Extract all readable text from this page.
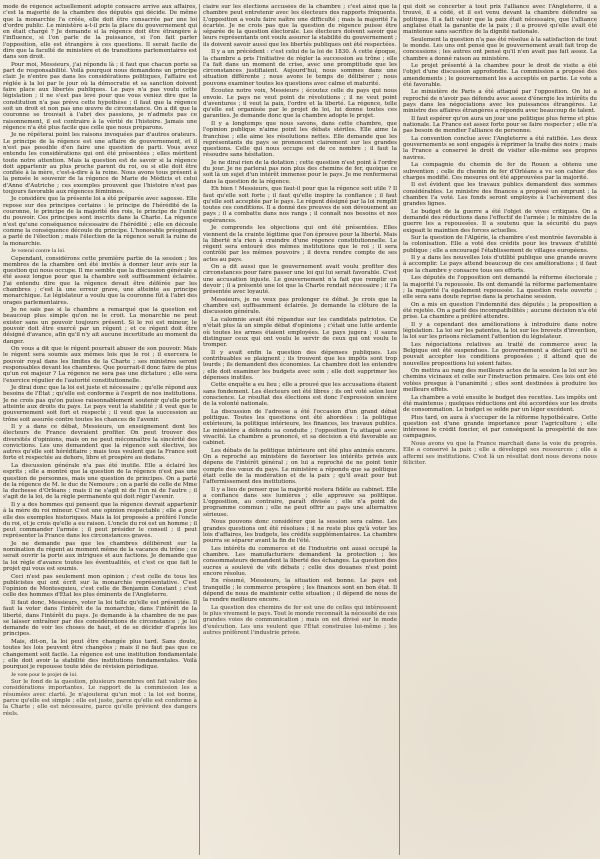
mode de régence actuellement adopté consacre arrive aux affaires, c'est la majorité de la chambre des députés qui décide. De même que la monarchie l'a créée, elle doit être consacrée par une loi d'ordre public. Le ministère a-t-il pris la place du gouvernement qui en était chargé ? Je demande si la régence doit être étrangère à l'influence, si l'on parle de la puissance, si l'on fait parler l'opposition, elle est étrangère à ces questions. Il serait facile de dire que la faculté de ministère et de transitions parlementaires est dans son droit.

Pour moi, Messieurs, j'ai répondu là ; il faut que chacun porte sa part de responsabilité. Voilà pourquoi nous demandons un principe clair. Je n'entre pas dans les considérations politiques, l'affaire est réglée à la loi par le jour où la démocratie et sa sanction doivent faire place aux libertés publiques. Le pays n'a pas voulu cette législation ; il ne s'est pas levé pour que vous veniez dire que la constitution n'a pas prévu cette hypothèse ; il faut que la régence soit un droit et non pas une œuvre de circonstance. On a dit que la couronne se trouvait à l'abri des passions, je n'admets pas ce raisonnement, il est contraire à la vérité de l'histoire. Jamais une régence n'a été plus facile que celle que nous préparons.

Je ne répéterai point les raisons invoquées par d'autres orateurs. Le principe de la régence est une affaire de gouvernement, et il n'est pas possible d'en faire une question de parti. Vous avez entendu les considérations qui ont été présentées ; elles méritent toute notre attention. Mais la question est de savoir si la régence doit appartenir au plus proche parent du roi, ou si elle doit être confiée à la mère, c'est-à-dire à la reine. Nous avons tous présent à la pensée le souvenir de la régence de Marie de Médicis et celui d'Anne d'Autriche ; ces exemples prouvent que l'histoire n'est pas toujours favorable aux régences féminines.

Je considère que la présente loi a été préparée avec sagesse. Elle repose sur des principes certains : le principe de l'hérédité de la couronne, le principe de la majorité des rois, le principe de l'unité du pouvoir. Ces principes sont inscrits dans la Charte. La régence n'est qu'une conséquence nécessaire de l'hérédité ; elle en découle comme la conséquence découle du principe. L'honorable préopinant a parlé de l'élection ; mais l'élection de la régence serait la ruine de la monarchie.

Je voterai contre la loi.

Cependant, considérons cette première partie de la session ; les membres de la chambre ont été invités à donner leur avis sur la question qui nous occupe. Il me semble que la discussion générale a été assez longue pour que la chambre soit suffisamment éclairée. J'ai entendu dire que la régence devait être déférée par les chambres ; c'est là une erreur grave, une atteinte au principe monarchique. Le législateur a voulu que la couronne fût à l'abri des orages parlementaires.

Je ne sais pas si la chambre a remarqué que la question est beaucoup plus simple qu'on ne le croit. La monarchie ne peut exister sans un pouvoir toujours présent. Si le roi est mineur, le pouvoir doit être exercé par un régent ; et ce régent doit être désigné d'avance, afin qu'il n'y ait aucune incertitude au moment du danger.

On vous a dit que le régent pourrait abuser de son pouvoir. Mais le régent sera soumis aux mêmes lois que le roi ; il exercera le pouvoir royal dans les limites de la Charte ; ses ministres seront responsables devant les chambres. Que pourrait-il donc faire de plus qu'un roi majeur ? La régence ne sera pas une dictature ; elle sera l'exercice régulier de l'autorité constitutionnelle.

Je dirai donc que la loi est juste et nécessaire ; qu'elle répond aux besoins de l'État ; qu'elle est conforme à l'esprit de nos institutions. Je ne crois pas qu'on puisse raisonnablement soutenir qu'elle porte atteinte aux droits du pays. Le pays veut la stabilité ; il veut que le gouvernement soit fort et respecté ; il veut que la succession au trône soit assurée contre toutes les chances de l'avenir.

Il y a dans ce débat, Messieurs, un enseignement dont les électeurs de France devraient profiter. On peut trouver des diversités d'opinions, mais on ne peut méconnaître la sincérité des convictions. Les uns demandent que la régence soit élective, les autres qu'elle soit héréditaire ; mais tous veulent que la France soit forte et respectée au dehors, libre et prospère au dedans.

La discussion générale n'a pas été inutile. Elle a éclairé les esprits ; elle a montré que la question de la régence n'est pas une question de personnes, mais une question de principes. On a parlé de la régence de M. le duc de Nemours ; on a parlé de celle de Mme la duchesse d'Orléans ; mais il ne s'agit ni de l'un ni de l'autre ; il s'agit de la loi, de la règle permanente qui doit régir l'avenir.

Il y a des hommes qui pensent que la régence devrait appartenir à la mère du roi mineur. C'est une opinion respectable ; elle a pour elle des exemples historiques. Mais la loi proposée a préféré l'oncle du roi, et je crois qu'elle a eu raison. L'oncle du roi est un homme ; il peut commander l'armée ; il peut présider le conseil ; il peut représenter la France dans les circonstances graves.

Je ne demande pas que les chambres délibèrent sur la nomination du régent au moment même de la vacance du trône ; ce serait ouvrir la porte aux intrigues et aux factions. Je demande que la loi règle d'avance toutes les éventualités, et c'est ce que fait le projet qui vous est soumis.

Ceci n'est pas seulement mon opinion ; c'est celle de tous les publicistes qui ont écrit sur la monarchie représentative. C'est l'opinion de Montesquieu, c'est celle de Benjamin Constant ; c'est celle des hommes d'État les plus éminents de l'Angleterre.

Il faut donc, Messieurs, voter la loi telle qu'elle est présentée. Il faut la voter dans l'intérêt de la monarchie, dans l'intérêt de la liberté, dans l'intérêt du pays. Je demande à la chambre de ne pas se laisser entraîner par des considérations de circonstance ; je lui demande de voir les choses de haut, et de se décider d'après les principes.

Mais, dit-on, la loi peut être changée plus tard. Sans doute, toutes les lois peuvent être changées ; mais il ne faut pas que ce changement soit facile. La régence est une institution fondamentale ; elle doit avoir la stabilité des institutions fondamentales. Voilà pourquoi je repousse toute idée de révision périodique.

Je vote pour le projet de loi.

Sur le fond de la question, plusieurs membres ont fait valoir des considérations importantes. Le rapport de la commission les a résumées avec clarté. Je n'ajouterai qu'un mot : la loi est bonne, parce qu'elle est simple ; elle est juste, parce qu'elle est conforme à la Charte ; elle est nécessaire, parce qu'elle prévient des dangers réels.

ciaire sur les élections accusées de la chambre ; c'est ainsi que la chambre peut entretenir avec les électeurs des rapports fréquents. L'opposition a voulu faire naître une difficulté ; mais la majorité l'a écartée. Je ne crois pas que la question de régence puisse être séparée de la question électorale. Les électeurs doivent savoir que leurs représentants ont voulu assurer la stabilité du gouvernement ; ils doivent savoir aussi que les libertés publiques ont été respectées.

Il y a un précédent : c'est celui de la loi de 1830. À cette époque, la chambre a pris l'initiative de régler la succession au trône ; elle l'a fait dans un moment de crise, avec une promptitude que les circonstances justifiaient. Aujourd'hui, nous sommes dans une situation différente ; nous avons le temps de délibérer ; nous pouvons examiner toutes les questions avec calme et maturité.

Écoutez notre voix, Messieurs ; écoutez celle du pays qui nous envoie. Le pays ne veut point de révolutions ; il ne veut point d'aventures ; il veut la paix, l'ordre et la liberté. La régence, telle qu'elle est organisée par le projet de loi, lui donne toutes ces garanties. Je demande donc que la chambre adopte le projet.

Il y a longtemps que nous savons, dans cette chambre, que l'opinion publique n'aime point les débats stériles. Elle aime la franchise ; elle aime les résolutions nettes. Elle demande que les représentants du pays se prononcent clairement sur les grandes questions. Celle qui nous occupe est de ce nombre ; il faut la résoudre sans hésitation.

Je ne dirai rien de la dotation ; cette question n'est point à l'ordre du jour. Je ne parlerai pas non plus des chemins de fer, quoique ce soit là un sujet d'un intérêt immense pour le pays. Je me renfermerai dans la question de la régence.

Eh bien ! Messieurs, que faut-il pour que la régence soit utile ? Il faut qu'elle soit forte ; il faut qu'elle inspire la confiance ; il faut qu'elle soit acceptée par le pays. Le régent désigné par la loi remplit toutes ces conditions. Il a donné des preuves de son dévouement au pays ; il a combattu dans nos rangs ; il connaît nos besoins et nos espérances.

Je comprends les objections qui ont été présentées. Elles viennent de la crainte légitime que l'on éprouve pour la liberté. Mais la liberté n'a rien à craindre d'une régence constitutionnelle. Le régent sera entouré des mêmes institutions que le roi ; il sera contrôlé par les mêmes pouvoirs ; il devra rendre compte de ses actes au pays.

On a dit aussi que le gouvernement avait voulu profiter des circonstances pour faire passer une loi qui lui serait favorable. C'est une accusation injuste. Le gouvernement n'a fait que remplir un devoir ; il a présenté une loi que la Charte rendait nécessaire ; il l'a présentée avec loyauté.

Messieurs, je ne veux pas prolonger ce débat. Je crois que la chambre est suffisamment éclairée. Je demande la clôture de la discussion générale.

La calomnie avait été répandue sur les candidats patriotes. Ce n'était plus là un simple débat d'opinions ; c'était une lutte ardente où toutes les armes étaient employées. Le pays jugera ; il saura distinguer ceux qui ont voulu le servir de ceux qui ont voulu le tromper.

Il y avait enfin la question des dépenses publiques. Les contribuables se plaignent ; ils trouvent que les impôts sont trop lourds ; ils demandent des économies. La chambre doit les entendre ; elle doit examiner les budgets avec soin ; elle doit supprimer les dépenses inutiles.

Cette enquête a eu lieu ; elle a prouvé que les accusations étaient sans fondement. Les électeurs ont été libres ; ils ont voté selon leur conscience. Le résultat des élections est donc l'expression sincère de la volonté nationale.

La discussion de l'adresse a été l'occasion d'un grand débat politique. Toutes les questions ont été abordées : la politique extérieure, la politique intérieure, les finances, les travaux publics. Le ministère a défendu sa conduite ; l'opposition l'a attaqué avec vivacité. La chambre a prononcé, et sa décision a été favorable au cabinet.

Les débats de la politique intérieure ont été plus animés encore. On a reproché au ministère de favoriser les intérêts privés aux dépens de l'intérêt général ; on lui a reproché de ne point tenir compte des vœux du pays. Le ministère a répondu que sa politique était celle de la modération et de la paix ; qu'il avait pour but l'affermissement des institutions.

Il y a lieu de penser que la majorité restera fidèle au cabinet. Elle a confiance dans ses lumières ; elle approuve sa politique. L'opposition, au contraire, paraît divisée ; elle n'a point de programme commun ; elle ne peut offrir au pays une alternative sérieuse.

Nous pouvons donc considérer que la session sera calme. Les grandes questions ont été résolues ; il ne reste plus qu'à voter les lois d'affaires, les budgets, les crédits supplémentaires. La chambre pourra se séparer avant la fin de l'été.

Les intérêts du commerce et de l'industrie ont aussi occupé la chambre. Les manufacturiers demandent la protection ; les consommateurs demandent la liberté des échanges. La question des sucres a soulevé de vifs débats ; celle des douanes n'est point encore résolue.

En résumé, Messieurs, la situation est bonne. Le pays est tranquille ; le commerce prospère ; les finances sont en bon état. Il dépend de nous de maintenir cette situation ; il dépend de nous de la rendre meilleure encore.

La question des chemins de fer est une de celles qui intéressent le plus vivement le pays. Tout le monde reconnaît la nécessité de ces grandes voies de communication ; mais on est divisé sur le mode d'exécution. Les uns veulent que l'État construise lui-même ; les autres préfèrent l'industrie privée.

qui doit se concerter à tout prix l'alliance avec l'Angleterre, il a trouvé, il a cédé, et il est venu devant la chambre défendre sa politique. Il a fait valoir que la paix était nécessaire, que l'alliance anglaise était la garantie de la paix ; il a prouvé qu'elle avait été maintenue sans sacrifice de la dignité nationale.

Seulement la question n'a pas été résolue à la satisfaction de tout le monde. Les uns ont pensé que le gouvernement avait fait trop de concessions ; les autres ont pensé qu'il n'en avait pas fait assez. La chambre a donné raison au ministère.

Le projet présenté à la chambre pour le droit de visite a été l'objet d'une discussion approfondie. La commission a proposé des amendements ; le gouvernement les a acceptés en partie. Le vote a été favorable.

Le ministère de Paris a été attaqué par l'opposition. On lui a reproché de n'avoir pas défendu avec assez d'énergie les intérêts du pays dans les négociations avec les puissances étrangères. Le ministre des affaires étrangères a répondu avec beaucoup de talent.

Il faut espérer qu'on aura un jour une politique plus ferme et plus nationale. La France est assez forte pour se faire respecter ; elle n'a pas besoin de mendier l'alliance de personne.

La convention conclue avec l'Angleterre a été ratifiée. Les deux gouvernements se sont engagés à réprimer la traite des noirs ; mais la France a conservé le droit de visiter elle-même ses propres navires.

La compagnie du chemin de fer de Rouen a obtenu une subvention ; celle du chemin de fer d'Orléans a vu son cahier des charges modifié. Ces mesures ont été approuvées par la majorité.

Il est évident que les travaux publics demandent des sommes considérables. Le ministre des finances a proposé un emprunt ; la chambre l'a voté. Les fonds seront employés à l'achèvement des grandes lignes.

Le budget de la guerre a été l'objet de vives critiques. On a demandé des réductions dans l'effectif de l'armée ; le ministre de la guerre les a repoussées. Il a soutenu que la sécurité du pays exigeait le maintien des forces actuelles.

Sur la question de l'Algérie, la chambre s'est montrée favorable à la colonisation. Elle a voté des crédits pour les travaux d'utilité publique ; elle a encouragé l'établissement de villages européens.

Il y a dans les nouvelles lois d'utilité publique une grande œuvre à accomplir. Le pays attend beaucoup de ces améliorations ; il faut que la chambre y consacre tous ses efforts.

Les députés de l'opposition ont demandé la réforme électorale ; la majorité l'a repoussée. Ils ont demandé la réforme parlementaire ; la majorité l'a également repoussée. La question reste ouverte ; elle sera sans doute reprise dans la prochaine session.

On a mis en question l'indemnité des députés ; la proposition a été rejetée. On a parlé des incompatibilités ; aucune décision n'a été prise. La chambre a préféré attendre.

Il y a cependant des améliorations à introduire dans notre législation. La loi sur les patentes, la loi sur les brevets d'invention, la loi sur les prisons réclament l'attention du législateur.

Les négociations relatives au traité de commerce avec la Belgique ont été suspendues. Le gouvernement a déclaré qu'il ne pouvait accepter les conditions proposées ; il attend que de nouvelles propositions lui soient faites.

On mettra au rang des meilleurs actes de la session la loi sur les chemins vicinaux et celle sur l'instruction primaire. Ces lois ont été votées presque à l'unanimité ; elles sont destinées à produire les meilleurs effets.

La chambre a voté ensuite le budget des recettes. Les impôts ont été maintenus ; quelques réductions ont été accordées sur les droits de consommation. Le budget se solde par un léger excédent.

Plus tard, on aura à s'occuper de la réforme hypothécaire. Cette question est d'une grande importance pour l'agriculture ; elle intéresse le crédit foncier, et par conséquent la prospérité de nos campagnes.

Nous avons vu que la France marchait dans la voie du progrès. Elle a conservé la paix ; elle a développé ses ressources ; elle a affermi ses institutions. C'est là un résultat dont nous devons nous féliciter.
